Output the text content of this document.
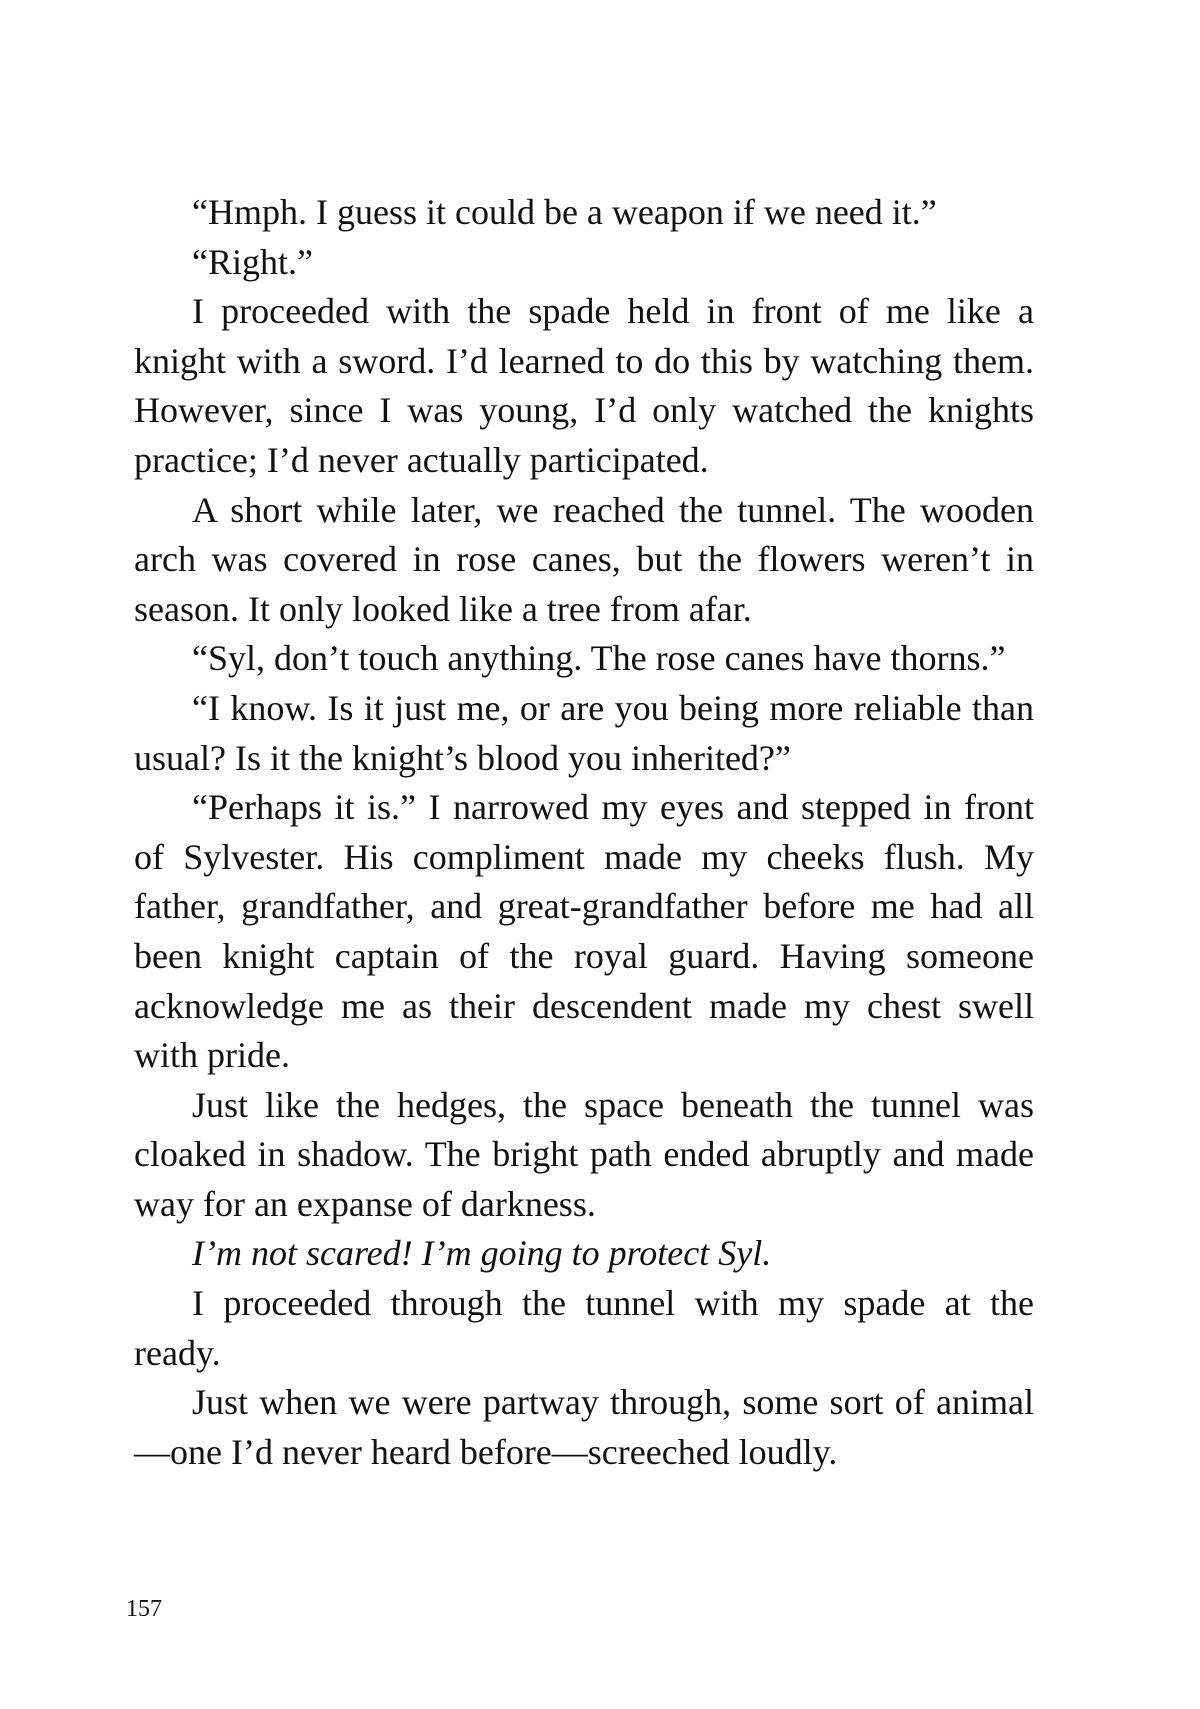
“Hmph. I guess it could be a weapon if we need it.”

“Right.”

I proceeded with the spade held in front of me like a knight with a sword. I’d learned to do this by watching them. However, since I was young, I’d only watched the knights practice; I’d never actually participated.

A short while later, we reached the tunnel. The wooden arch was covered in rose canes, but the flowers weren’t in season. It only looked like a tree from afar.

“Syl, don’t touch anything. The rose canes have thorns.”

“I know. Is it just me, or are you being more reliable than usual? Is it the knight’s blood you inherited?”

“Perhaps it is.” I narrowed my eyes and stepped in front of Sylvester. His compliment made my cheeks flush. My father, grandfather, and great-grandfather before me had all been knight captain of the royal guard. Having someone acknowledge me as their descendent made my chest swell with pride.

Just like the hedges, the space beneath the tunnel was cloaked in shadow. The bright path ended abruptly and made way for an expanse of darkness.

I’m not scared! I’m going to protect Syl.

I proceeded through the tunnel with my spade at the ready.

Just when we were partway through, some sort of animal—one I’d never heard before—screeched loudly.

157
